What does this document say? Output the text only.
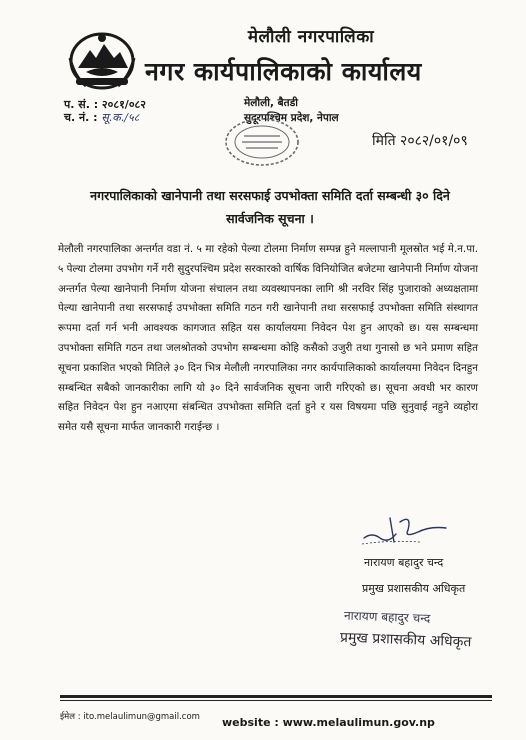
मेलौली नगरपालिका
नगर कार्यपालिकाको कार्यालय
प. सं. : २०८१/०८२
च. नं. : सू.क./५८
मेलौली, बैतडी
सुदूरपश्चिम प्रदेश, नेपाल
मिति २०८२/०१/०९
नगरपालिकाको खानेपानी तथा सरसफाई उपभोक्ता समिति दर्ता सम्बन्धी ३० दिने
सार्वजनिक सूचना ।
मेलौली नगरपालिका अन्तर्गत वडा नं. ५ मा रहेको पेल्या टोलमा निर्माण सम्पन्न हुने मल्लापानी मूलस्रोत भई मे.न.पा. ५ पेल्या टोलमा उपभोग गर्ने गरी सुदुरपश्चिम प्रदेश सरकारको वार्षिक विनियोजित बजेटमा खानेपानी निर्माण योजना अन्तर्गत पेल्या खानेपानी निर्माण योजना संचालन तथा व्यवस्थापनका लागि श्री नरविर सिंह पुजाराको अध्यक्षतामा पेल्या खानेपानी तथा सरसफाई उपभोक्ता समिति गठन गरी खानेपानी तथा सरसफाई उपभोक्ता समिति संस्थागत रूपमा दर्ता गर्न भनी आवश्यक कागजात सहित यस कार्यालयमा निवेदन पेश हुन आएको छ। यस सम्बन्धमा उपभोक्ता समिति गठन तथा जलश्रोतको उपभोग सम्बन्धमा कोहि कसैको उजुरी तथा गुनासो छ भने प्रमाण सहित सूचना प्रकाशित भएको मितिले ३० दिन भित्र मेलौली नगरपालिका नगर कार्यपालिकाको कार्यालयमा निवेदन दिनहुन सम्बन्धित सबैको जानकारीका लागि यो ३० दिने सार्वजनिक सूचना जारी गरिएको छ। सूचना अवधी भर कारण सहित निवेदन पेश हुन नआएमा संबन्धित उपभोक्ता समिति दर्ता हुने र यस विषयमा पछि सुनुवाई नहुने व्यहोरा समेत यसै सूचना मार्फत जानकारी गराईन्छ ।
नारायण बहादुर चन्द
प्रमुख प्रशासकीय अधिकृत
नारायण बहादुर चन्द
प्रमुख प्रशासकीय अधिकृत
ईमेल : ito.melaulimun@gmail.com website : www.melaulimun.gov.np
